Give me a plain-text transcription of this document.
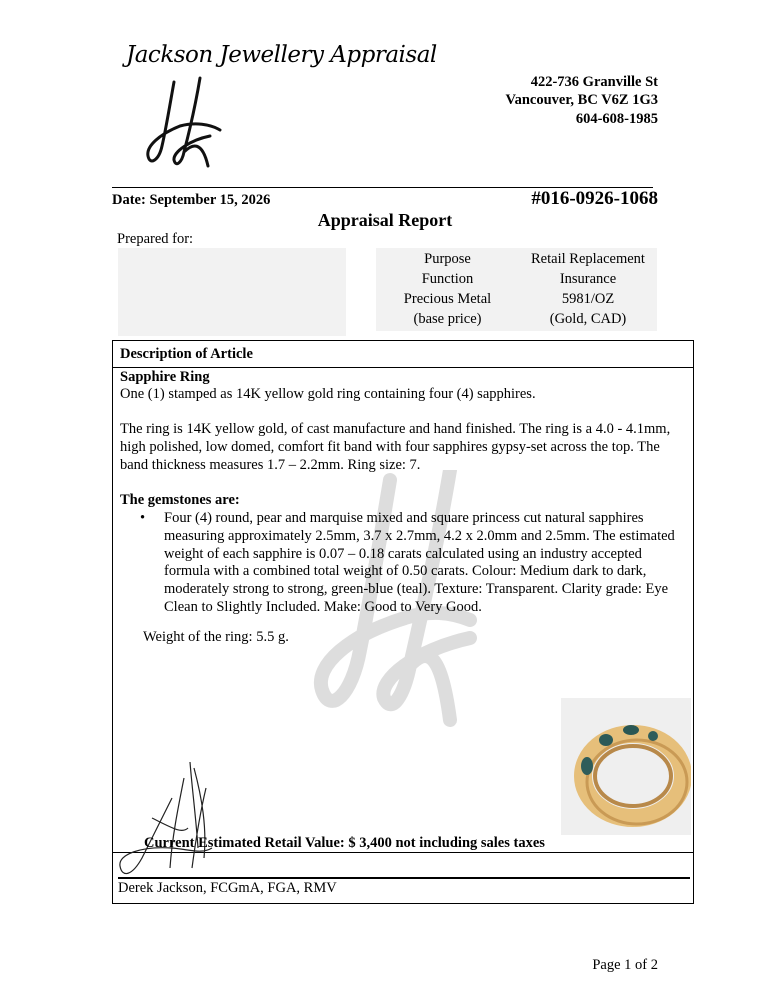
Jackson Jewellery Appraisal
422-736 Granville St
Vancouver, BC V6Z 1G3
604-608-1985
Date: September 15, 2026	#016-0926-1068
Appraisal Report
Prepared for:
Purpose	Retail Replacement
Function	Insurance
Precious Metal	5981/OZ
(base price)	(Gold, CAD)
Description of Article
Sapphire Ring
One (1) stamped as 14K yellow gold ring containing four (4) sapphires.
The ring is 14K yellow gold, of cast manufacture and hand finished. The ring is a 4.0 - 4.1mm, high polished, low domed, comfort fit band with four sapphires gypsy-set across the top. The band thickness measures 1.7 – 2.2mm. Ring size: 7.
The gemstones are:
• Four (4) round, pear and marquise mixed and square princess cut natural sapphires measuring approximately 2.5mm, 3.7 x 2.7mm, 4.2 x 2.0mm and 2.5mm. The estimated weight of each sapphire is 0.07 – 0.18 carats calculated using an industry accepted formula with a combined total weight of 0.50 carats. Colour: Medium dark to dark, moderately strong to strong, green-blue (teal). Texture: Transparent. Clarity grade: Eye Clean to Slightly Included. Make: Good to Very Good.
Weight of the ring: 5.5 g.
Current Estimated Retail Value: $ 3,400 not including sales taxes
Derek Jackson, FCGmA, FGA, RMV
Page 1 of 2
